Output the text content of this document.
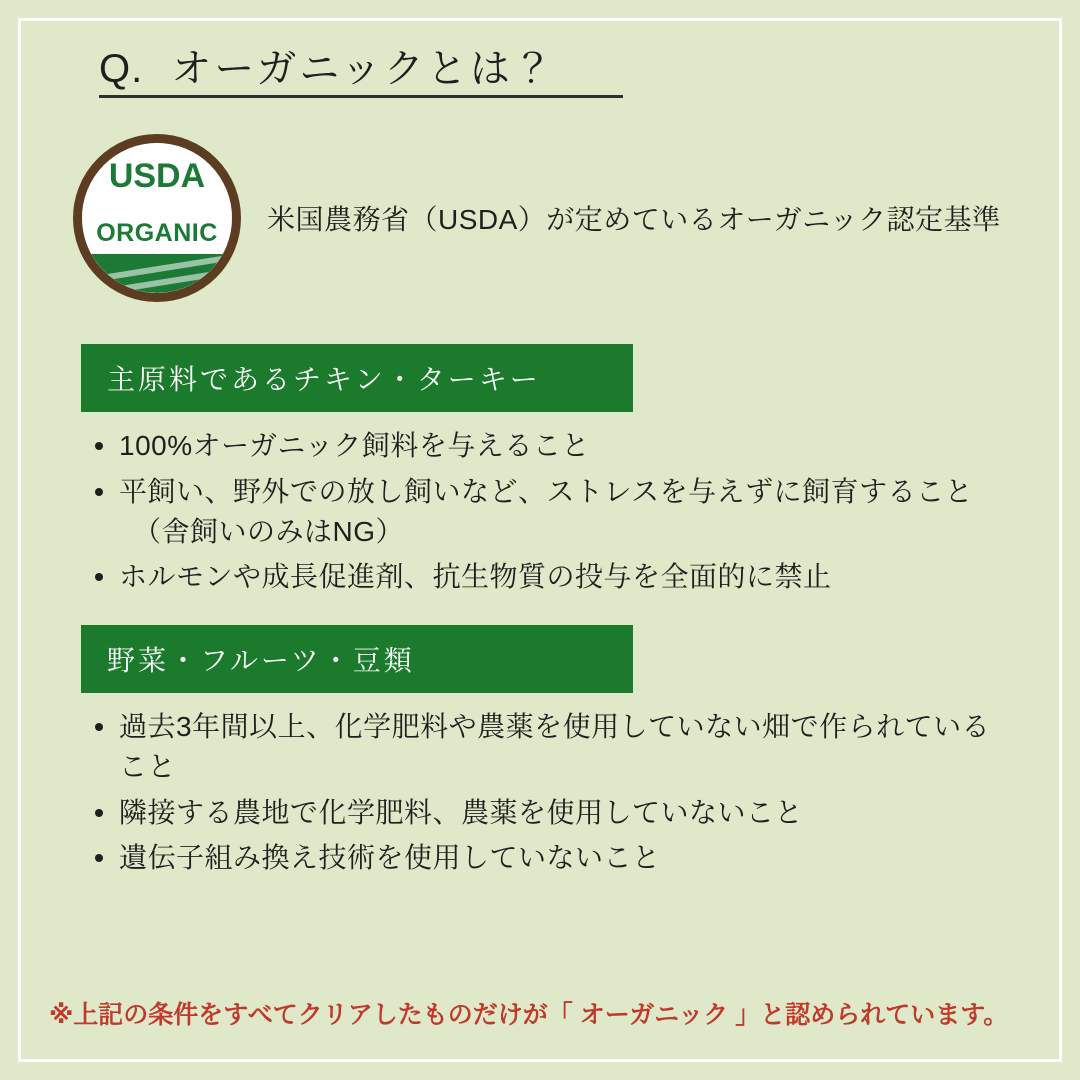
Q. オーガニックとは？
USDA
ORGANIC 米国農務省（USDA）が定めているオーガニック認定基準
主原料であるチキン・ターキー
100%オーガニック飼料を与えること
平飼い、野外での放し飼いなど、ストレスを与えずに飼育すること
（舎飼いのみはNG）
ホルモンや成長促進剤、抗生物質の投与を全面的に禁止
野菜・フルーツ・豆類
過去3年間以上、化学肥料や農薬を使用していない畑で作られていること
隣接する農地で化学肥料、農薬を使用していないこと
遺伝子組み換え技術を使用していないこと
※上記の条件をすべてクリアしたものだけが「 オーガニック 」と認められています。
